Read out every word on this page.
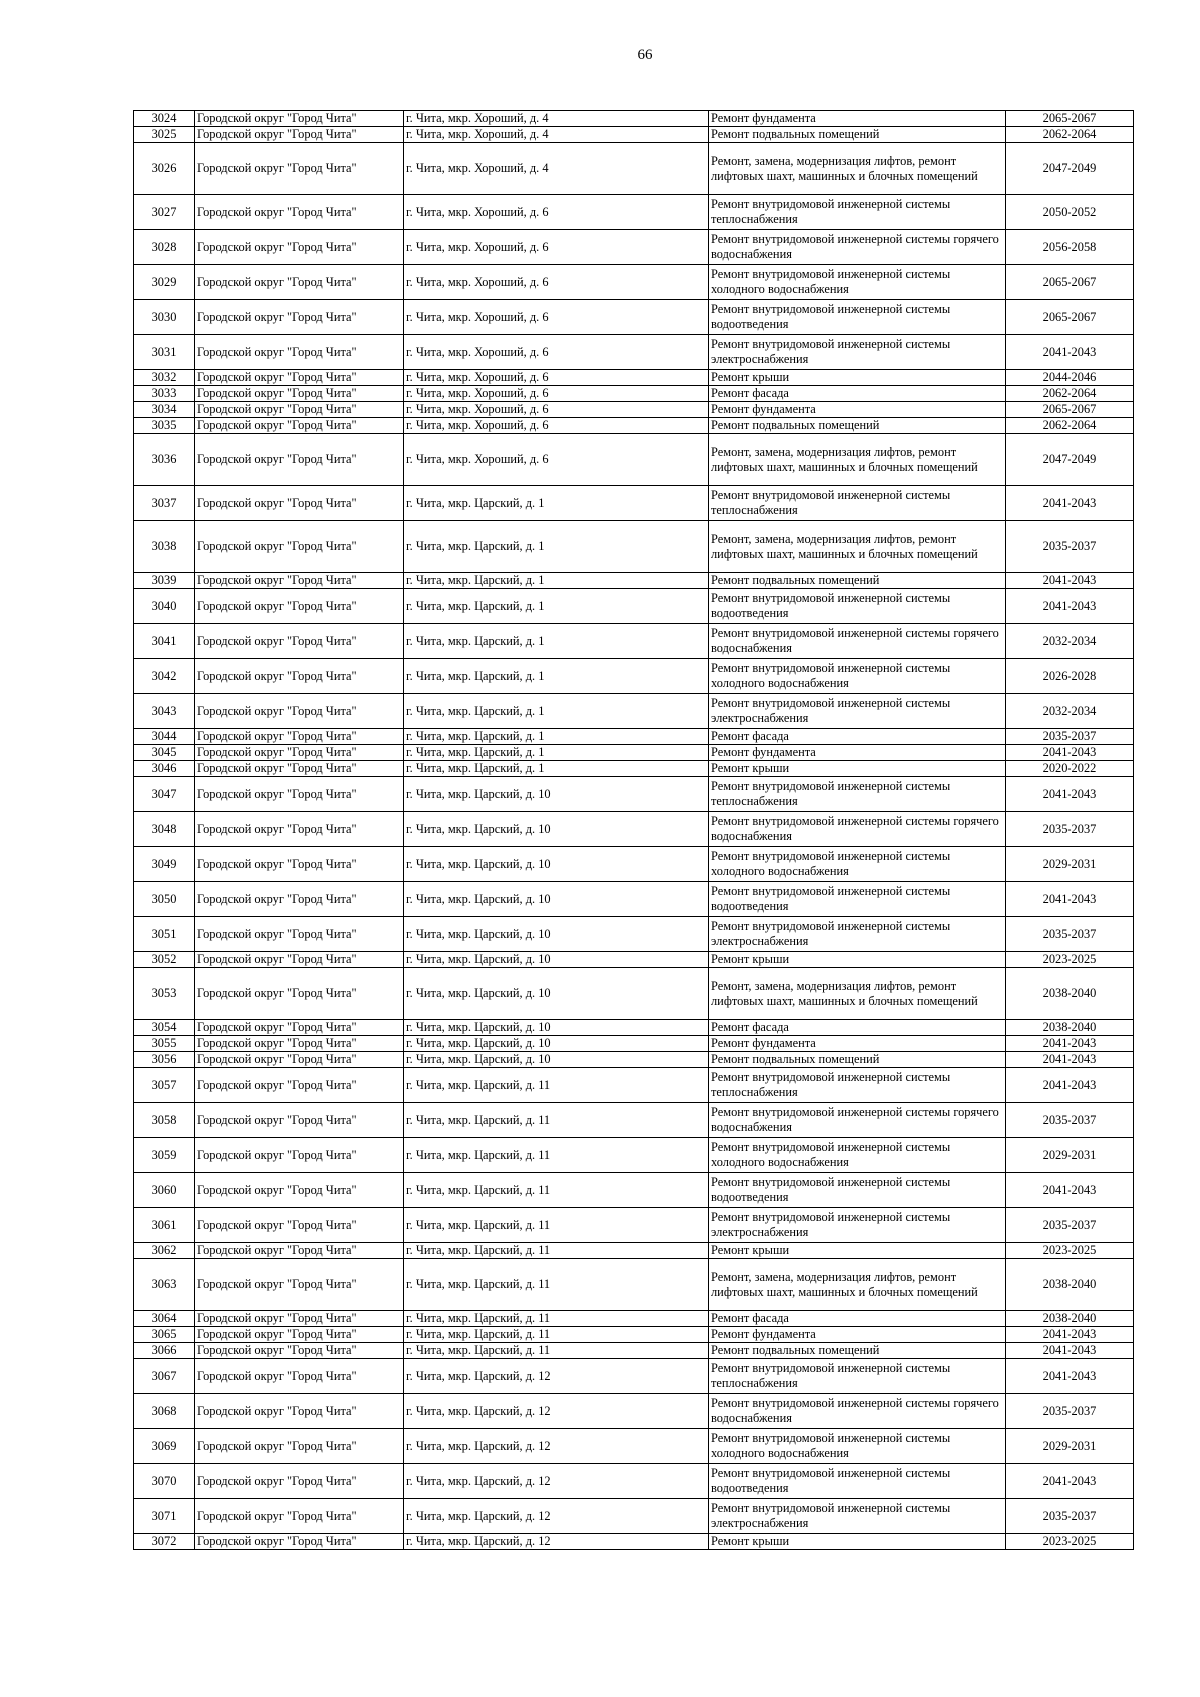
66
3024	Городской округ "Город Чита"	г. Чита, мкр. Хороший, д. 4	Ремонт фундамента	2065-2067
3025	Городской округ "Город Чита"	г. Чита, мкр. Хороший, д. 4	Ремонт подвальных помещений	2062-2064
3026	Городской округ "Город Чита"	г. Чита, мкр. Хороший, д. 4	Ремонт, замена, модернизация лифтов, ремонт лифтовых шахт, машинных и блочных помещений	2047-2049
3027	Городской округ "Город Чита"	г. Чита, мкр. Хороший, д. 6	Ремонт внутридомовой инженерной системы теплоснабжения	2050-2052
3028	Городской округ "Город Чита"	г. Чита, мкр. Хороший, д. 6	Ремонт внутридомовой инженерной системы горячего водоснабжения	2056-2058
3029	Городской округ "Город Чита"	г. Чита, мкр. Хороший, д. 6	Ремонт внутридомовой инженерной системы холодного водоснабжения	2065-2067
3030	Городской округ "Город Чита"	г. Чита, мкр. Хороший, д. 6	Ремонт внутридомовой инженерной системы водоотведения	2065-2067
3031	Городской округ "Город Чита"	г. Чита, мкр. Хороший, д. 6	Ремонт внутридомовой инженерной системы электроснабжения	2041-2043
3032	Городской округ "Город Чита"	г. Чита, мкр. Хороший, д. 6	Ремонт крыши	2044-2046
3033	Городской округ "Город Чита"	г. Чита, мкр. Хороший, д. 6	Ремонт фасада	2062-2064
3034	Городской округ "Город Чита"	г. Чита, мкр. Хороший, д. 6	Ремонт фундамента	2065-2067
3035	Городской округ "Город Чита"	г. Чита, мкр. Хороший, д. 6	Ремонт подвальных помещений	2062-2064
3036	Городской округ "Город Чита"	г. Чита, мкр. Хороший, д. 6	Ремонт, замена, модернизация лифтов, ремонт лифтовых шахт, машинных и блочных помещений	2047-2049
3037	Городской округ "Город Чита"	г. Чита, мкр. Царский, д. 1	Ремонт внутридомовой инженерной системы теплоснабжения	2041-2043
3038	Городской округ "Город Чита"	г. Чита, мкр. Царский, д. 1	Ремонт, замена, модернизация лифтов, ремонт лифтовых шахт, машинных и блочных помещений	2035-2037
3039	Городской округ "Город Чита"	г. Чита, мкр. Царский, д. 1	Ремонт подвальных помещений	2041-2043
3040	Городской округ "Город Чита"	г. Чита, мкр. Царский, д. 1	Ремонт внутридомовой инженерной системы водоотведения	2041-2043
3041	Городской округ "Город Чита"	г. Чита, мкр. Царский, д. 1	Ремонт внутридомовой инженерной системы горячего водоснабжения	2032-2034
3042	Городской округ "Город Чита"	г. Чита, мкр. Царский, д. 1	Ремонт внутридомовой инженерной системы холодного водоснабжения	2026-2028
3043	Городской округ "Город Чита"	г. Чита, мкр. Царский, д. 1	Ремонт внутридомовой инженерной системы электроснабжения	2032-2034
3044	Городской округ "Город Чита"	г. Чита, мкр. Царский, д. 1	Ремонт фасада	2035-2037
3045	Городской округ "Город Чита"	г. Чита, мкр. Царский, д. 1	Ремонт фундамента	2041-2043
3046	Городской округ "Город Чита"	г. Чита, мкр. Царский, д. 1	Ремонт крыши	2020-2022
3047	Городской округ "Город Чита"	г. Чита, мкр. Царский, д. 10	Ремонт внутридомовой инженерной системы теплоснабжения	2041-2043
3048	Городской округ "Город Чита"	г. Чита, мкр. Царский, д. 10	Ремонт внутридомовой инженерной системы горячего водоснабжения	2035-2037
3049	Городской округ "Город Чита"	г. Чита, мкр. Царский, д. 10	Ремонт внутридомовой инженерной системы холодного водоснабжения	2029-2031
3050	Городской округ "Город Чита"	г. Чита, мкр. Царский, д. 10	Ремонт внутридомовой инженерной системы водоотведения	2041-2043
3051	Городской округ "Город Чита"	г. Чита, мкр. Царский, д. 10	Ремонт внутридомовой инженерной системы электроснабжения	2035-2037
3052	Городской округ "Город Чита"	г. Чита, мкр. Царский, д. 10	Ремонт крыши	2023-2025
3053	Городской округ "Город Чита"	г. Чита, мкр. Царский, д. 10	Ремонт, замена, модернизация лифтов, ремонт лифтовых шахт, машинных и блочных помещений	2038-2040
3054	Городской округ "Город Чита"	г. Чита, мкр. Царский, д. 10	Ремонт фасада	2038-2040
3055	Городской округ "Город Чита"	г. Чита, мкр. Царский, д. 10	Ремонт фундамента	2041-2043
3056	Городской округ "Город Чита"	г. Чита, мкр. Царский, д. 10	Ремонт подвальных помещений	2041-2043
3057	Городской округ "Город Чита"	г. Чита, мкр. Царский, д. 11	Ремонт внутридомовой инженерной системы теплоснабжения	2041-2043
3058	Городской округ "Город Чита"	г. Чита, мкр. Царский, д. 11	Ремонт внутридомовой инженерной системы горячего водоснабжения	2035-2037
3059	Городской округ "Город Чита"	г. Чита, мкр. Царский, д. 11	Ремонт внутридомовой инженерной системы холодного водоснабжения	2029-2031
3060	Городской округ "Город Чита"	г. Чита, мкр. Царский, д. 11	Ремонт внутридомовой инженерной системы водоотведения	2041-2043
3061	Городской округ "Город Чита"	г. Чита, мкр. Царский, д. 11	Ремонт внутридомовой инженерной системы электроснабжения	2035-2037
3062	Городской округ "Город Чита"	г. Чита, мкр. Царский, д. 11	Ремонт крыши	2023-2025
3063	Городской округ "Город Чита"	г. Чита, мкр. Царский, д. 11	Ремонт, замена, модернизация лифтов, ремонт лифтовых шахт, машинных и блочных помещений	2038-2040
3064	Городской округ "Город Чита"	г. Чита, мкр. Царский, д. 11	Ремонт фасада	2038-2040
3065	Городской округ "Город Чита"	г. Чита, мкр. Царский, д. 11	Ремонт фундамента	2041-2043
3066	Городской округ "Город Чита"	г. Чита, мкр. Царский, д. 11	Ремонт подвальных помещений	2041-2043
3067	Городской округ "Город Чита"	г. Чита, мкр. Царский, д. 12	Ремонт внутридомовой инженерной системы теплоснабжения	2041-2043
3068	Городской округ "Город Чита"	г. Чита, мкр. Царский, д. 12	Ремонт внутридомовой инженерной системы горячего водоснабжения	2035-2037
3069	Городской округ "Город Чита"	г. Чита, мкр. Царский, д. 12	Ремонт внутридомовой инженерной системы холодного водоснабжения	2029-2031
3070	Городской округ "Город Чита"	г. Чита, мкр. Царский, д. 12	Ремонт внутридомовой инженерной системы водоотведения	2041-2043
3071	Городской округ "Город Чита"	г. Чита, мкр. Царский, д. 12	Ремонт внутридомовой инженерной системы электроснабжения	2035-2037
3072	Городской округ "Город Чита"	г. Чита, мкр. Царский, д. 12	Ремонт крыши	2023-2025
